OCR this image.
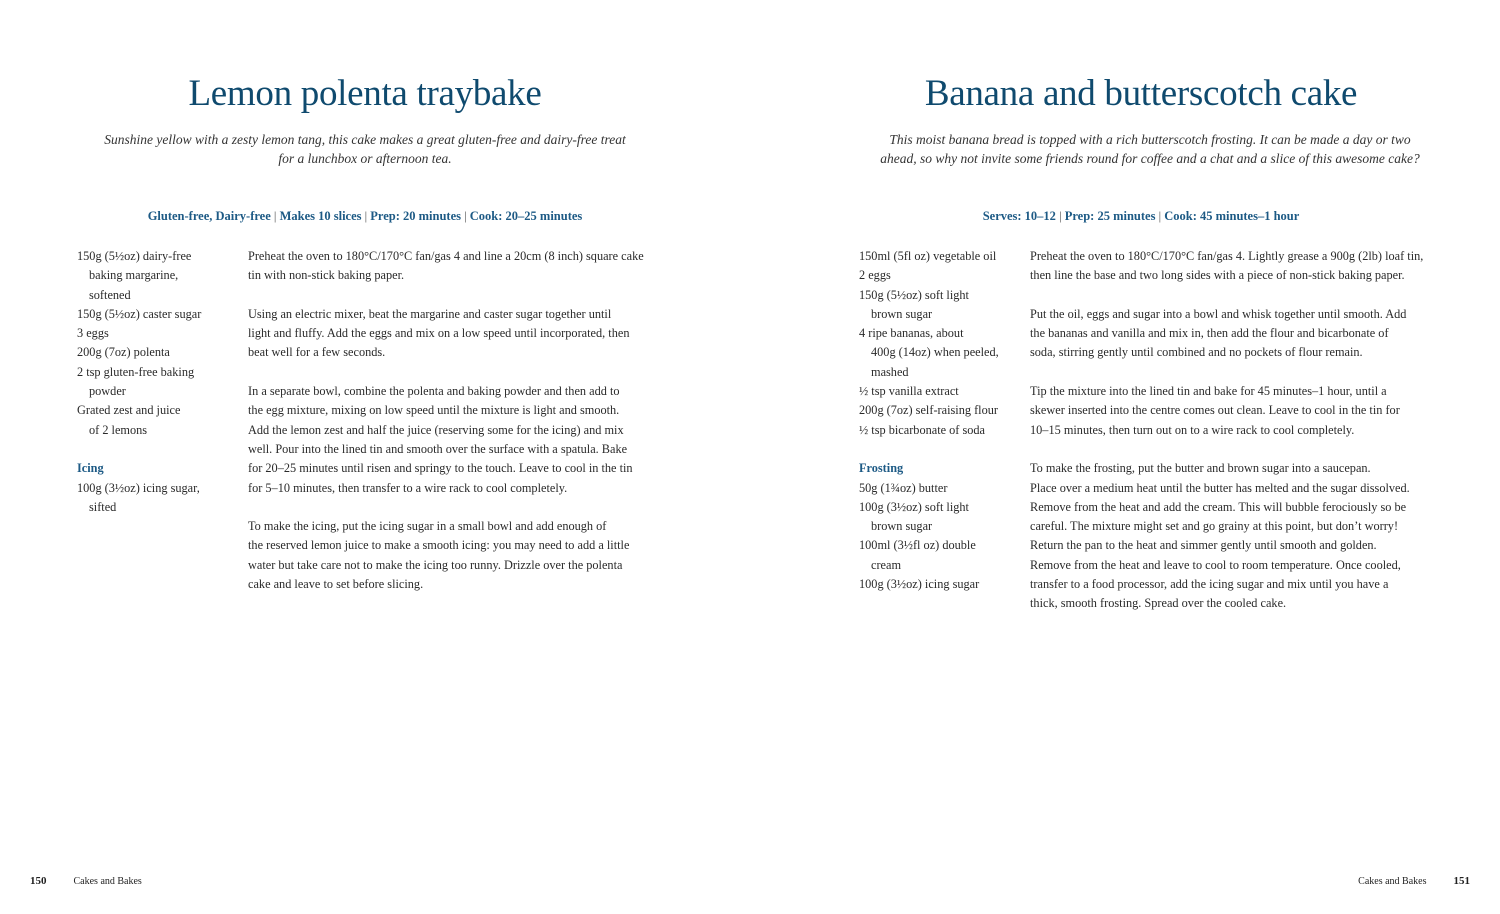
Lemon polenta traybake
Sunshine yellow with a zesty lemon tang, this cake makes a great gluten-free and dairy-free treat
for a lunchbox or afternoon tea.
Gluten-free, Dairy-free | Makes 10 slices | Prep: 20 minutes | Cook: 20–25 minutes
150g (5½oz) dairy-free
baking margarine,
softened
150g (5½oz) caster sugar
3 eggs
200g (7oz) polenta
2 tsp gluten-free baking
powder
Grated zest and juice
of 2 lemons
Icing
100g (3½oz) icing sugar,
sifted

Preheat the oven to 180°C/170°C fan/gas 4 and line a 20cm (8 inch) square cake
tin with non-stick baking paper.

Using an electric mixer, beat the margarine and caster sugar together until
light and fluffy. Add the eggs and mix on a low speed until incorporated, then
beat well for a few seconds.

In a separate bowl, combine the polenta and baking powder and then add to
the egg mixture, mixing on low speed until the mixture is light and smooth.
Add the lemon zest and half the juice (reserving some for the icing) and mix
well. Pour into the lined tin and smooth over the surface with a spatula. Bake
for 20–25 minutes until risen and springy to the touch. Leave to cool in the tin
for 5–10 minutes, then transfer to a wire rack to cool completely.

To make the icing, put the icing sugar in a small bowl and add enough of
the reserved lemon juice to make a smooth icing: you may need to add a little
water but take care not to make the icing too runny. Drizzle over the polenta
cake and leave to set before slicing.

150	Cakes and Bakes
Banana and butterscotch cake
This moist banana bread is topped with a rich butterscotch frosting. It can be made a day or two
ahead, so why not invite some friends round for coffee and a chat and a slice of this awesome cake?
Serves: 10–12 | Prep: 25 minutes | Cook: 45 minutes–1 hour
150ml (5fl oz) vegetable oil
2 eggs
150g (5½oz) soft light
brown sugar
4 ripe bananas, about
400g (14oz) when peeled,
mashed
½ tsp vanilla extract
200g (7oz) self-raising flour
½ tsp bicarbonate of soda
Frosting
50g (1¾oz) butter
100g (3½oz) soft light
brown sugar
100ml (3½fl oz) double
cream
100g (3½oz) icing sugar

Preheat the oven to 180°C/170°C fan/gas 4. Lightly grease a 900g (2lb) loaf tin,
then line the base and two long sides with a piece of non-stick baking paper.

Put the oil, eggs and sugar into a bowl and whisk together until smooth. Add
the bananas and vanilla and mix in, then add the flour and bicarbonate of
soda, stirring gently until combined and no pockets of flour remain.

Tip the mixture into the lined tin and bake for 45 minutes–1 hour, until a
skewer inserted into the centre comes out clean. Leave to cool in the tin for
10–15 minutes, then turn out on to a wire rack to cool completely.

To make the frosting, put the butter and brown sugar into a saucepan.
Place over a medium heat until the butter has melted and the sugar dissolved.
Remove from the heat and add the cream. This will bubble ferociously so be
careful. The mixture might set and go grainy at this point, but don’t worry!
Return the pan to the heat and simmer gently until smooth and golden.
Remove from the heat and leave to cool to room temperature. Once cooled,
transfer to a food processor, add the icing sugar and mix until you have a
thick, smooth frosting. Spread over the cooled cake.

Cakes and Bakes 151
